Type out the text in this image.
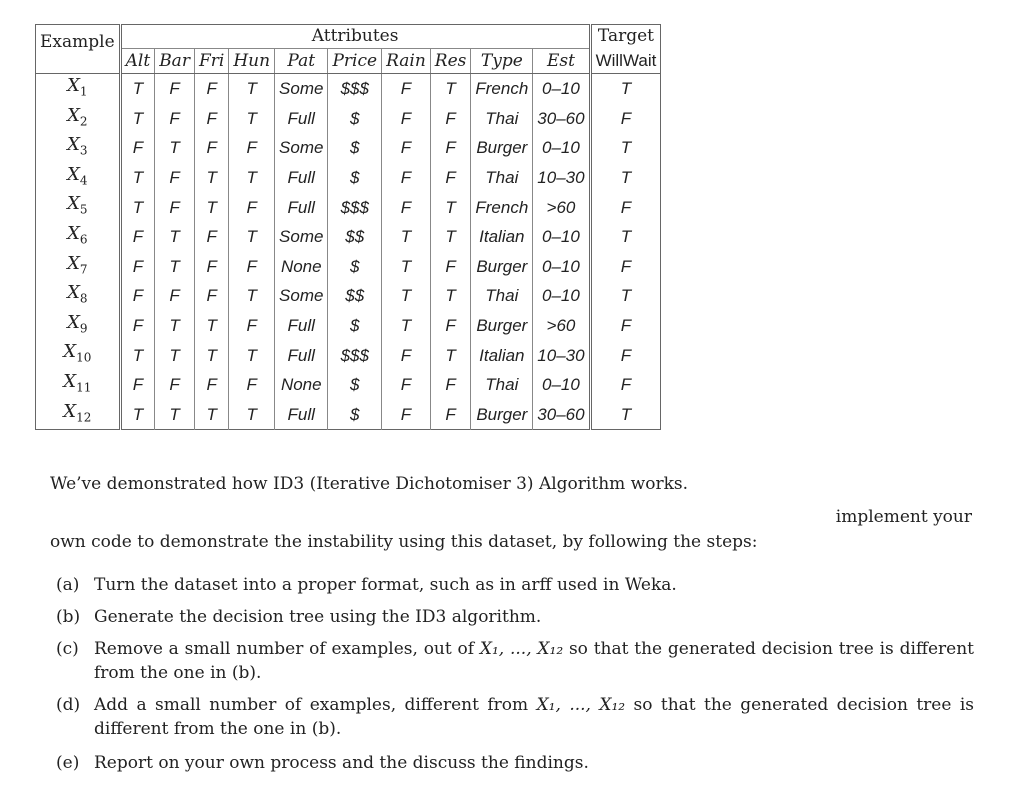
Example	Attributes										Target
	Alt	Bar	Fri	Hun	Pat	Price	Rain	Res	Type	Est	WillWait
$X_1$	T	F	F	T	Some	$$$	F	T	French	0–10	T
$X_2$	T	F	F	T	Full	$	F	F	Thai	30–60	F
$X_3$	F	T	F	F	Some	$	F	F	Burger	0–10	T
$X_4$	T	F	T	T	Full	$	F	F	Thai	10–30	T
$X_5$	T	F	T	F	Full	$$$	F	T	French	>60	F
$X_6$	F	T	F	T	Some	$$	T	T	Italian	0–10	T
$X_7$	F	T	F	F	None	$	T	F	Burger	0–10	F
$X_8$	F	F	F	T	Some	$$	T	T	Thai	0–10	T
$X_9$	F	T	T	F	Full	$	T	F	Burger	>60	F
$X_{10}$	T	T	T	T	Full	$$$	F	T	Italian	10–30	F
$X_{11}$	F	F	F	F	None	$	F	F	Thai	0–10	F
$X_{12}$	T	T	T	T	Full	$	F	F	Burger	30–60	T

We’ve demonstrated how ID3 (Iterative Dichotomiser 3) Algorithm works.

implement your

own code to demonstrate the instability using this dataset, by following the steps:

(a) Turn the dataset into a proper format, such as in arff used in Weka.
(b) Generate the decision tree using the ID3 algorithm.
(c) Remove a small number of examples, out of X₁, ..., X₁₂ so that the generated decision tree is different from the one in (b).
(d) Add a small number of examples, different from X₁, ..., X₁₂ so that the generated decision tree is different from the one in (b).
(e) Report on your own process and the discuss the findings.
